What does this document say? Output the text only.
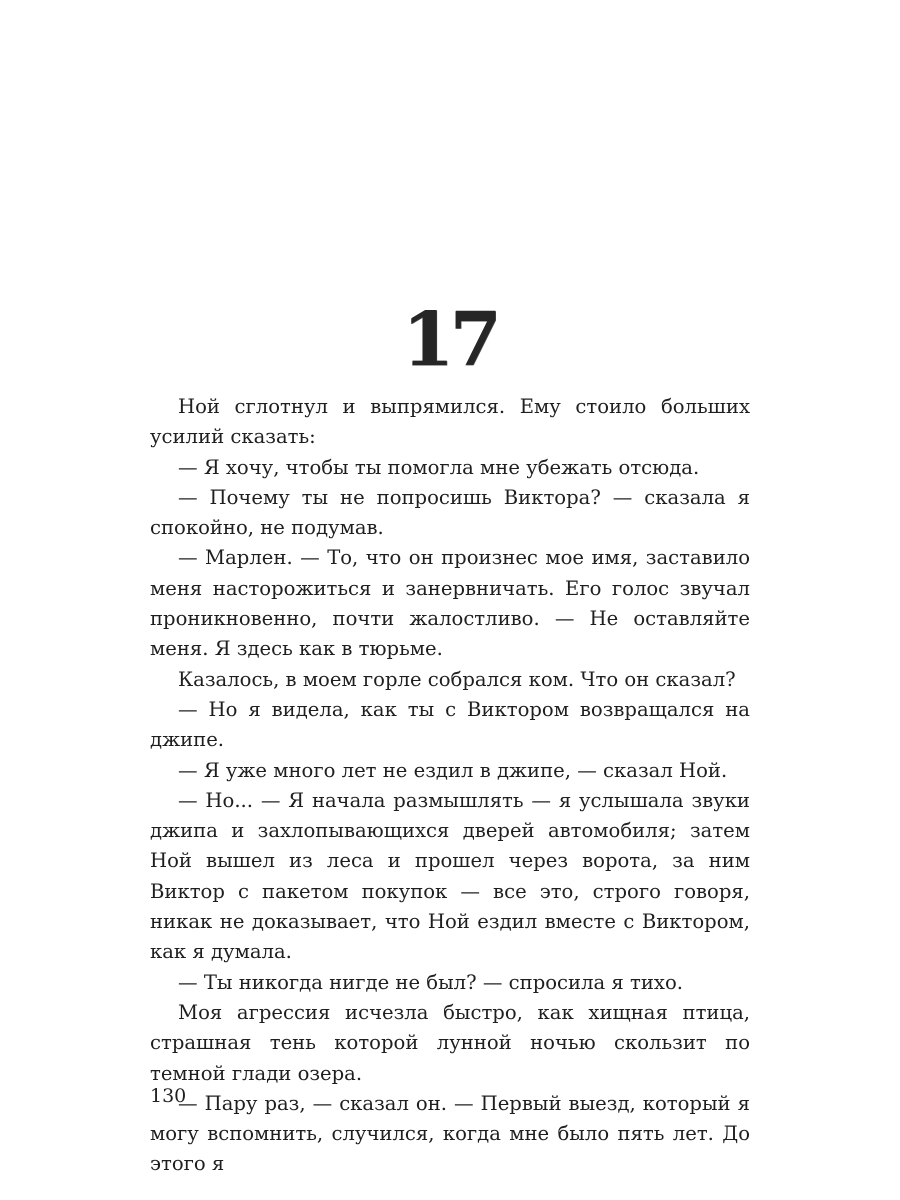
17

Ной сглотнул и выпрямился. Ему стоило больших усилий сказать:

— Я хочу, чтобы ты помогла мне убежать отсюда.

— Почему ты не попросишь Виктора? — сказала я спокойно, не подумав.

— Марлен. — То, что он произнес мое имя, заставило меня насторожиться и занервничать. Его голос звучал проникновенно, почти жалостливо. — Не оставляйте меня. Я здесь как в тюрьме.

Казалось, в моем горле собрался ком. Что он сказал?

— Но я видела, как ты с Виктором возвращался на джипе.

— Я уже много лет не ездил в джипе, — сказал Ной.

— Но... — Я начала размышлять — я услышала звуки джипа и захлопывающихся дверей автомобиля; затем Ной вышел из леса и прошел через ворота, за ним Виктор с пакетом покупок — все это, строго говоря, никак не доказывает, что Ной ездил вместе с Виктором, как я думала.

— Ты никогда нигде не был? — спросила я тихо.

Моя агрессия исчезла быстро, как хищная птица, страшная тень которой лунной ночью скользит по темной глади озера.

— Пару раз, — сказал он. — Первый выезд, который я могу вспомнить, случился, когда мне было пять лет. До этого я

130
